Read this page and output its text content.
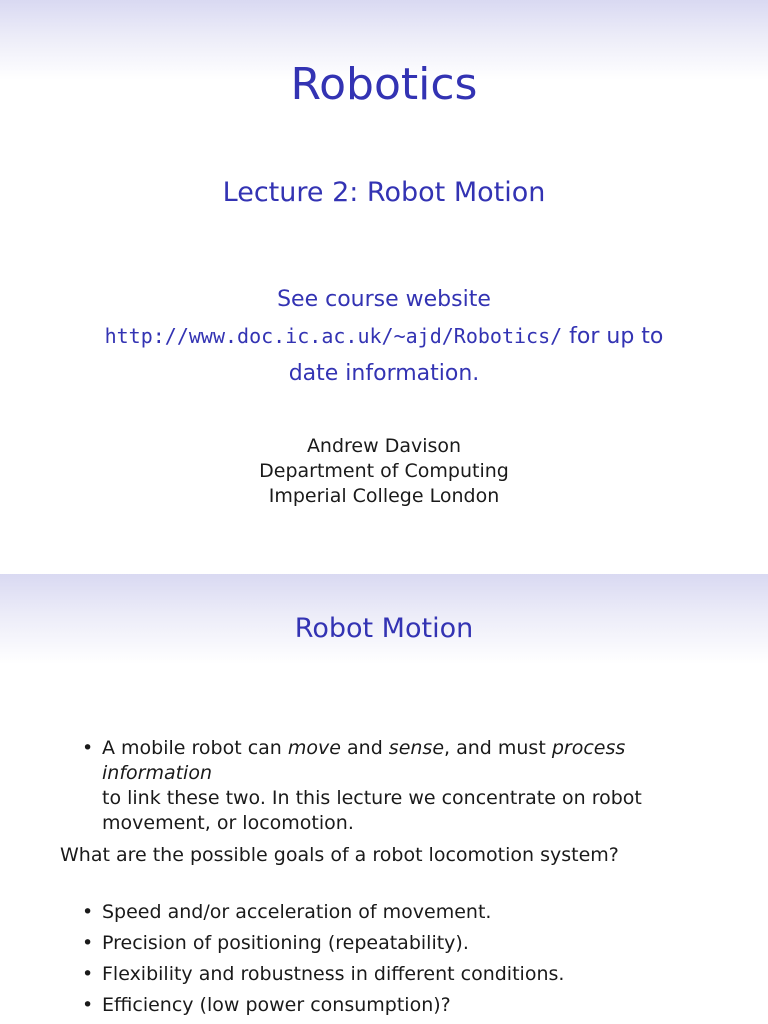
Robotics
Lecture 2: Robot Motion
See course website
http://www.doc.ic.ac.uk/~ajd/Robotics/ for up to
date information.
Andrew Davison
Department of Computing
Imperial College London
Robot Motion
• A mobile robot can move and sense, and must process information
to link these two. In this lecture we concentrate on robot
movement, or locomotion.
What are the possible goals of a robot locomotion system?
• Speed and/or acceleration of movement.
• Precision of positioning (repeatability).
• Flexibility and robustness in different conditions.
• Efficiency (low power consumption)?
